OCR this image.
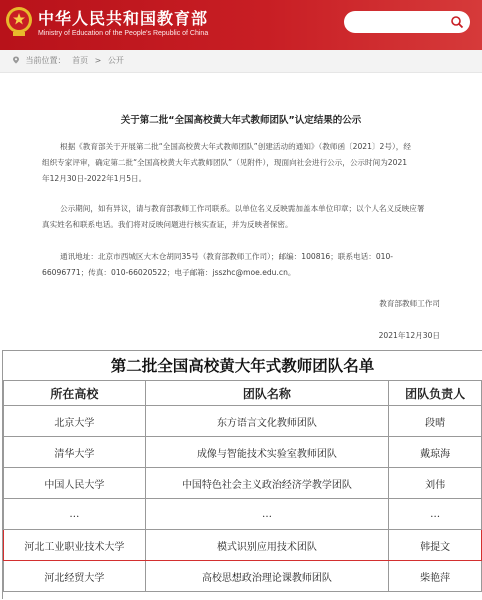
中华人民共和国教育部
Ministry of Education of the People's Republic of China
当前位置： 首页 > 公开
关于第二批“全国高校黄大年式教师团队”认定结果的公示
根据《教育部关于开展第二批“全国高校黄大年式教师团队”创建活动的通知》（教师函〔2021〕2号），经
组织专家评审，确定第二批“全国高校黄大年式教师团队”（见附件），现面向社会进行公示，公示时间为2021
年12月30日-2022年1月5日。
公示期间，如有异议，请与教育部教师工作司联系。以单位名义反映需加盖本单位印章；以个人名义反映应署
真实姓名和联系电话。我们将对反映问题进行核实查证，并为反映者保密。
通讯地址：北京市西城区大木仓胡同35号（教育部教师工作司）；邮编：100816；联系电话：010-
66096771；传真：010-66020522；电子邮箱：jsszhc@moe.edu.cn。
教育部教师工作司
2021年12月30日
第二批全国高校黄大年式教师团队名单
所在高校	团队名称	团队负责人
北京大学	东方语言文化教师团队	段晴
清华大学	成像与智能技术实验室教师团队	戴琼海
中国人民大学	中国特色社会主义政治经济学教学团队	刘伟
…	…	…
河北工业职业技术大学	模式识别应用技术团队	韩提文
河北经贸大学	高校思想政治理论课教师团队	柴艳萍
